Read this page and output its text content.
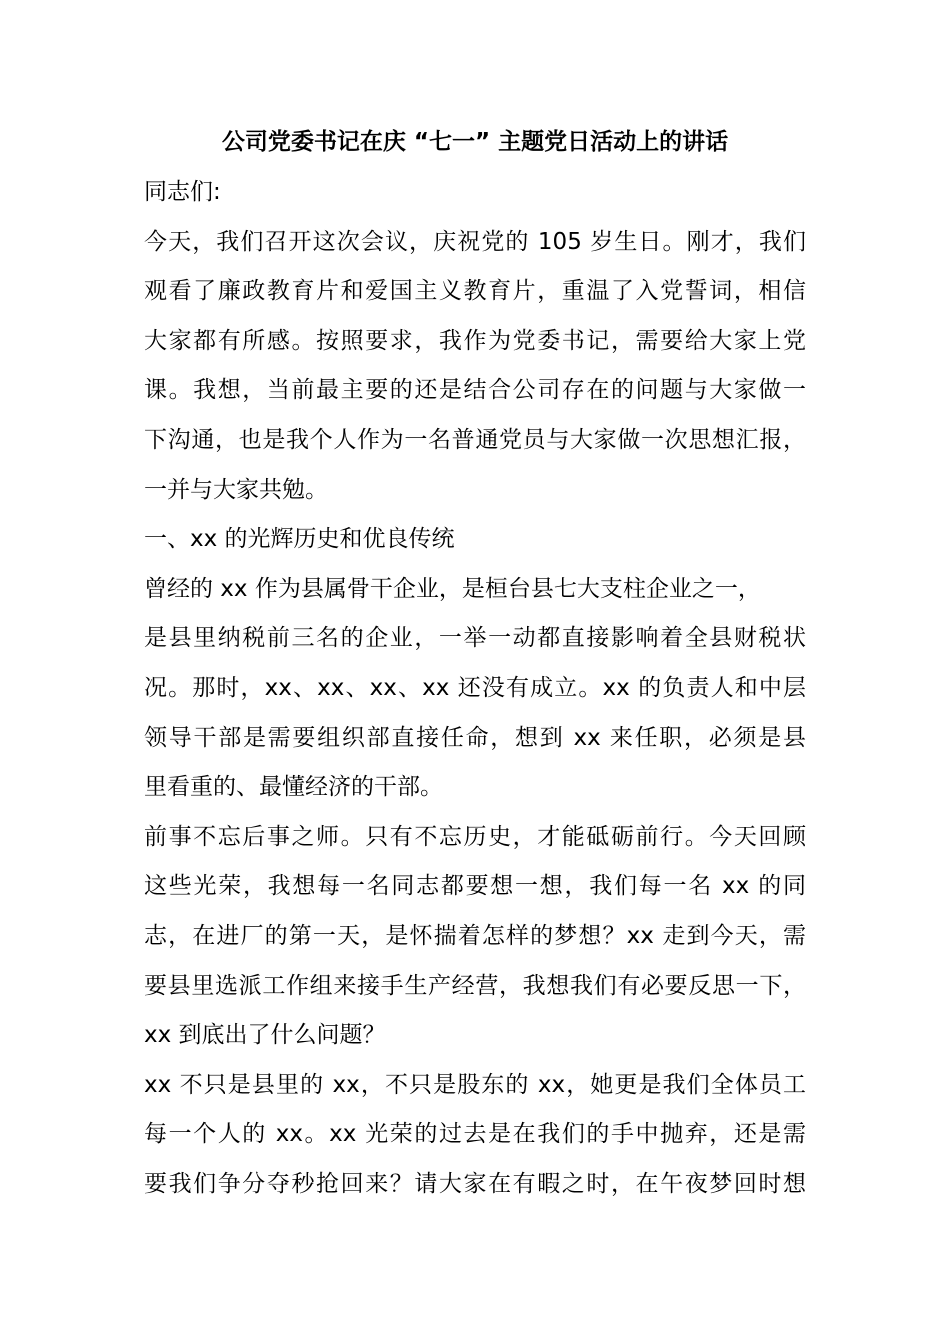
公司党委书记在庆 “七一” 主题党日活动上的讲话
同志们:
今天，我们召开这次会议，庆祝党的 105 岁生日。刚才，我们
观看了廉政教育片和爱国主义教育片，重温了入党誓词，相信
大家都有所感。按照要求，我作为党委书记，需要给大家上党
课。我想，当前最主要的还是结合公司存在的问题与大家做一
下沟通，也是我个人作为一名普通党员与大家做一次思想汇报，
一并与大家共勉。
一、xx 的光辉历史和优良传统
曾经的 xx 作为县属骨干企业，是桓台县七大支柱企业之一，
是县里纳税前三名的企业，一举一动都直接影响着全县财税状
况。那时，xx、xx、xx、xx 还没有成立。xx 的负责人和中层
领导干部是需要组织部直接任命，想到 xx 来任职，必须是县
里看重的、最懂经济的干部。
前事不忘后事之师。只有不忘历史，才能砥砺前行。今天回顾
这些光荣，我想每一名同志都要想一想，我们每一名 xx 的同
志，在进厂的第一天，是怀揣着怎样的梦想？xx 走到今天，需
要县里选派工作组来接手生产经营，我想我们有必要反思一下，
xx 到底出了什么问题？
xx 不只是县里的 xx，不只是股东的 xx，她更是我们全体员工
每一个人的 xx。xx 光荣的过去是在我们的手中抛弃，还是需
要我们争分夺秒抢回来？请大家在有暇之时，在午夜梦回时想
